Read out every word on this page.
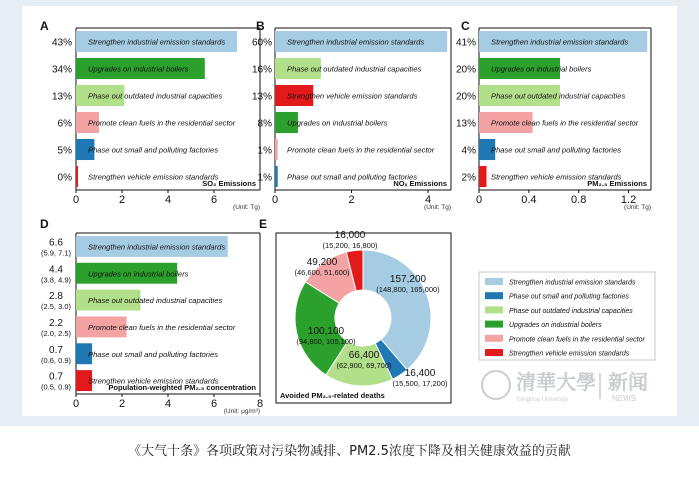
A
0	2	4	6
Strengthen industrial emission standards
43%
Upgrades on industrial boilers
34%
Phase out outdated industrial capacities
13%
Promote clean fuels in the residential sector
6%
Phase out small and polluting factories
5%
Strengthen vehicle emission standards
0%	SO₂ Emissions
(Unit: Tg)
B
0	2	4
Strengthen industrial emission standards
60%
Phase out outdated industrial capacities
16%
Strengthen vehicle emission standards
13%
Upgrades on industrial boilers
8%
Promote clean fuels in the residential sector
1%
Phase out small and polluting factories
1%	NOₓ Emissions
(Unit: Tg)
C
0	0.4	0.8	1.2
Strengthen industrial emission standards
41%
Upgrades on industrial boilers
20%
Phase out outdated industrial capacities
20%
Promote clean fuels in the residential sector
13%
Phase out small and polluting factories
4%
Strengthen vehicle emission standards
2%	PM₂.₅ Emissions
(Unit: Tg)
D
0	2	4	6	8
Strengthen industrial emission standards
6.6
(5.9, 7.1)
Upgrades on industrial boilers
4.4
(3.8, 4.9)
Phase out outdated industrial capacities
2.8
(2.5, 3.0)
Promote clean fuels in the residential sector
2.2
(2.0, 2.5)
Phase out small and polluting factories
0.7
(0.6, 0.9)
Strengthen vehicle emission standards
0.7
(0.5, 0.9)	Population-weighted PM₂.₅ concentration
(Unit: μg/m³)
E
157,200
(148,800, 165,000)
16,400
(15,500, 17,200)
66,400
(62,900, 69,700)
100,100
(94,800, 105,100)
49,200
(46,600, 51,600)
16,000
(15,200, 16,800)
Avoided PM₂.₅-related deaths
Strengthen industrial emission standards
Phase out small and polluting factories
Phase out outdated industrial capacities
Upgrades on industrial boilers
Promote clean fuels in the residential sector
Strengthen vehicle emission standards
清華大學
Tsinghua University
新闻
NEWS
《大气十条》各项政策对污染物减排、PM2.5浓度下降及相关健康效益的贡献
